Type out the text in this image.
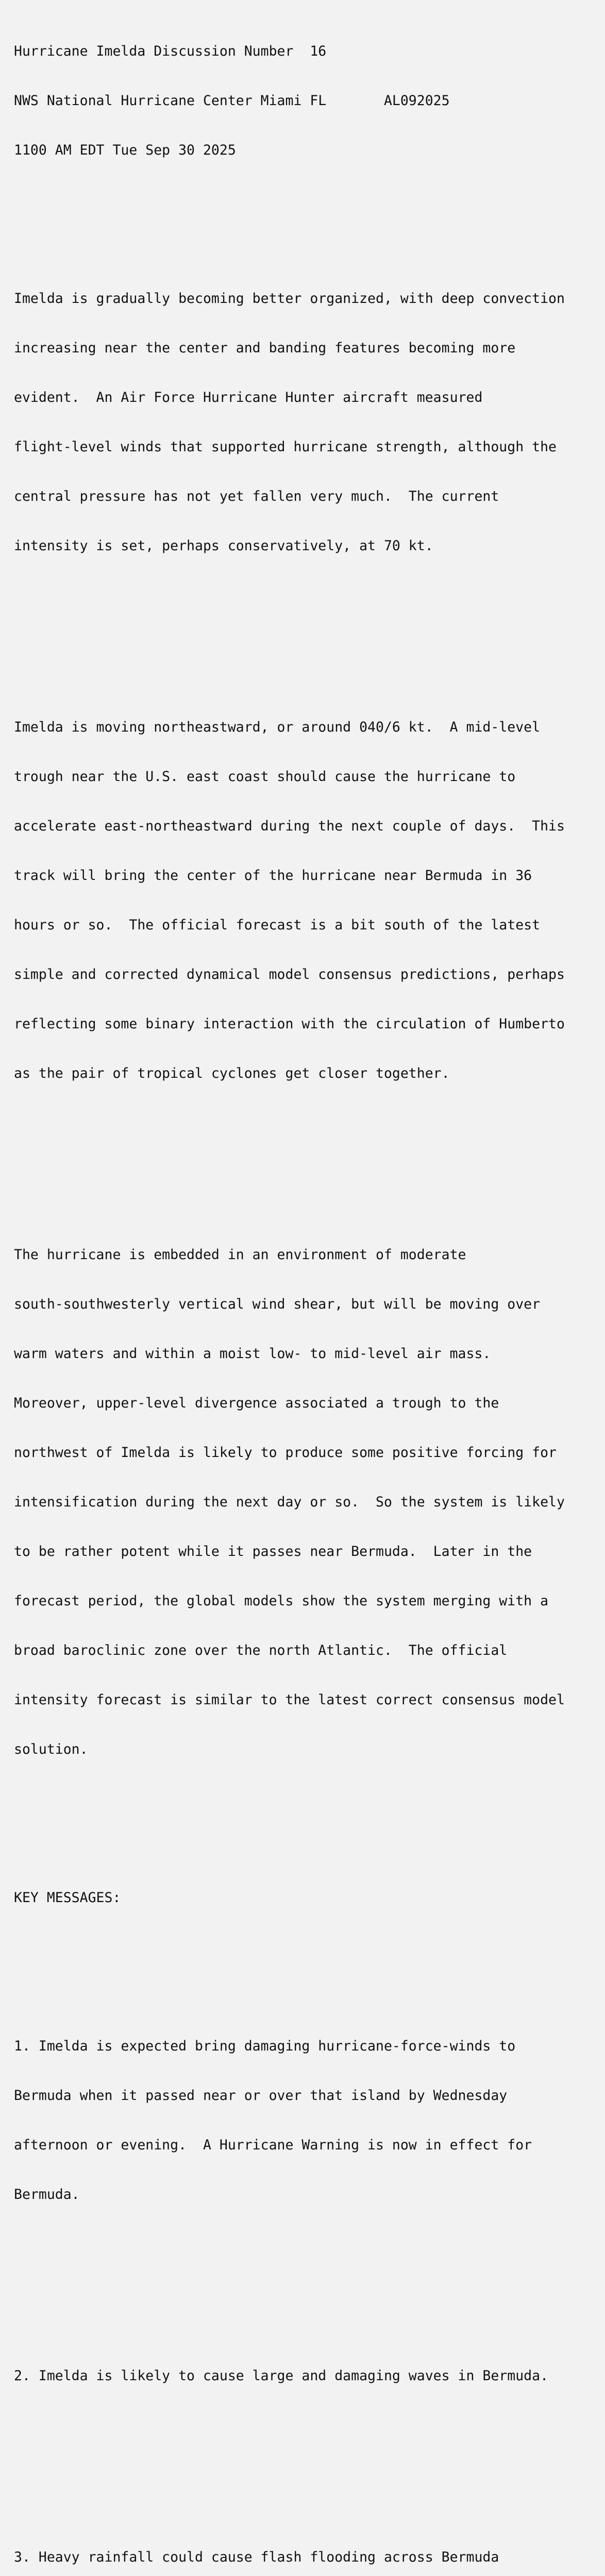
Hurricane Imelda Discussion Number  16

NWS National Hurricane Center Miami FL       AL092025

1100 AM EDT Tue Sep 30 2025

Imelda is gradually becoming better organized, with deep convection

increasing near the center and banding features becoming more

evident.  An Air Force Hurricane Hunter aircraft measured

flight-level winds that supported hurricane strength, although the

central pressure has not yet fallen very much.  The current

intensity is set, perhaps conservatively, at 70 kt.

Imelda is moving northeastward, or around 040/6 kt.  A mid-level

trough near the U.S. east coast should cause the hurricane to

accelerate east-northeastward during the next couple of days.  This

track will bring the center of the hurricane near Bermuda in 36

hours or so.  The official forecast is a bit south of the latest

simple and corrected dynamical model consensus predictions, perhaps

reflecting some binary interaction with the circulation of Humberto

as the pair of tropical cyclones get closer together.

The hurricane is embedded in an environment of moderate

south-southwesterly vertical wind shear, but will be moving over

warm waters and within a moist low- to mid-level air mass.

Moreover, upper-level divergence associated a trough to the

northwest of Imelda is likely to produce some positive forcing for

intensification during the next day or so.  So the system is likely

to be rather potent while it passes near Bermuda.  Later in the

forecast period, the global models show the system merging with a

broad baroclinic zone over the north Atlantic.  The official

intensity forecast is similar to the latest correct consensus model

solution.

KEY MESSAGES:

1. Imelda is expected bring damaging hurricane-force-winds to

Bermuda when it passed near or over that island by Wednesday

afternoon or evening.  A Hurricane Warning is now in effect for

Bermuda.

2. Imelda is likely to cause large and damaging waves in Bermuda.

3. Heavy rainfall could cause flash flooding across Bermuda
